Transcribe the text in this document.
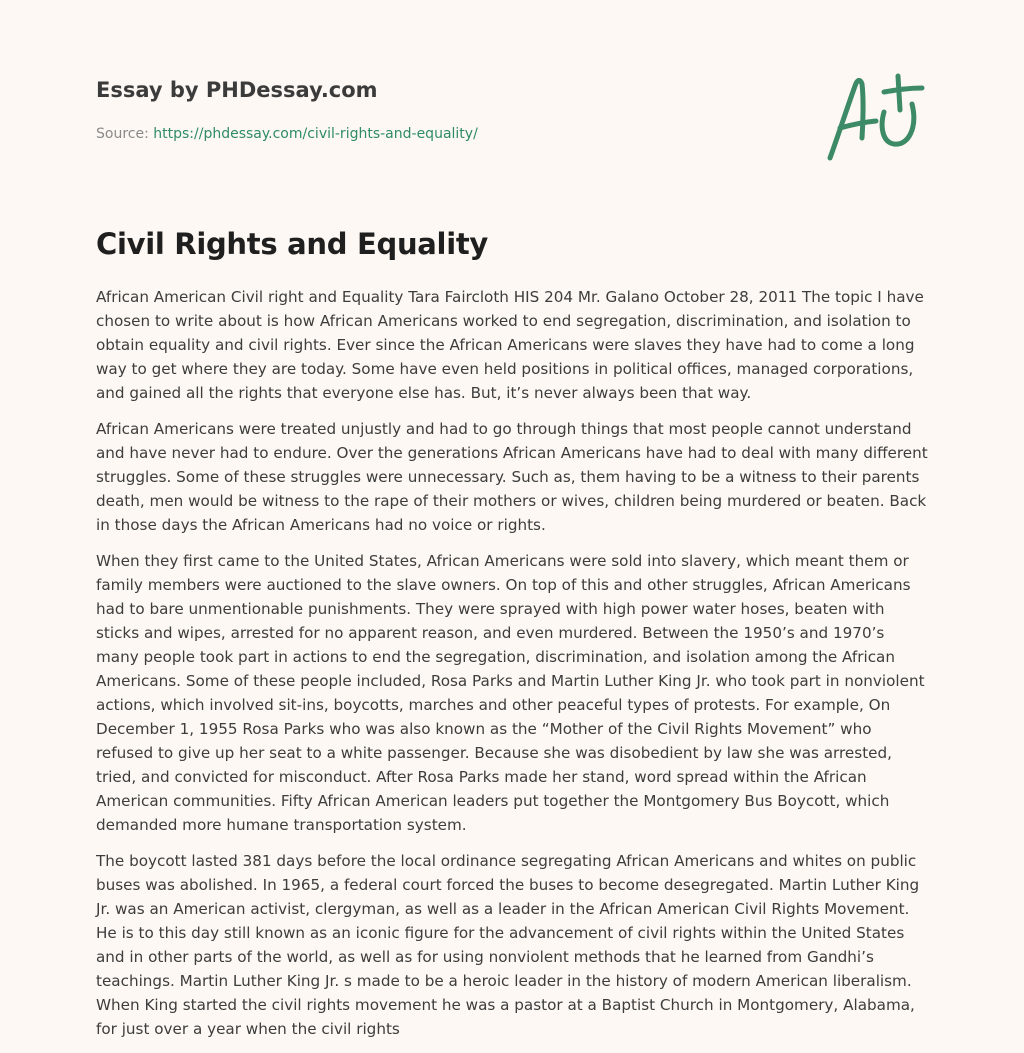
Essay by PHDessay.com
Source: https://phdessay.com/civil-rights-and-equality/
Civil Rights and Equality

African American Civil right and Equality Tara Faircloth HIS 204 Mr. Galano October 28, 2011 The topic I have chosen to write about is how African Americans worked to end segregation, discrimination, and isolation to obtain equality and civil rights. Ever since the African Americans were slaves they have had to come a long way to get where they are today. Some have even held positions in political offices, managed corporations, and gained all the rights that everyone else has. But, it’s never always been that way.

African Americans were treated unjustly and had to go through things that most people cannot understand and have never had to endure. Over the generations African Americans have had to deal with many different struggles. Some of these struggles were unnecessary. Such as, them having to be a witness to their parents death, men would be witness to the rape of their mothers or wives, children being murdered or beaten. Back in those days the African Americans had no voice or rights.

When they first came to the United States, African Americans were sold into slavery, which meant them or family members were auctioned to the slave owners. On top of this and other struggles, African Americans had to bare unmentionable punishments. They were sprayed with high power water hoses, beaten with sticks and wipes, arrested for no apparent reason, and even murdered. Between the 1950’s and 1970’s many people took part in actions to end the segregation, discrimination, and isolation among the African Americans. Some of these people included, Rosa Parks and Martin Luther King Jr. who took part in nonviolent actions, which involved sit-ins, boycotts, marches and other peaceful types of protests. For example, On December 1, 1955 Rosa Parks who was also known as the “Mother of the Civil Rights Movement” who refused to give up her seat to a white passenger. Because she was disobedient by law she was arrested, tried, and convicted for misconduct. After Rosa Parks made her stand, word spread within the African American communities. Fifty African American leaders put together the Montgomery Bus Boycott, which demanded more humane transportation system.

The boycott lasted 381 days before the local ordinance segregating African Americans and whites on public buses was abolished. In 1965, a federal court forced the buses to become desegregated. Martin Luther King Jr. was an American activist, clergyman, as well as a leader in the African American Civil Rights Movement. He is to this day still known as an iconic figure for the advancement of civil rights within the United States and in other parts of the world, as well as for using nonviolent methods that he learned from Gandhi’s teachings. Martin Luther King Jr. s made to be a heroic leader in the history of modern American liberalism. When King started the civil rights movement he was a pastor at a Baptist Church in Montgomery, Alabama, for just over a year when the civil rights
